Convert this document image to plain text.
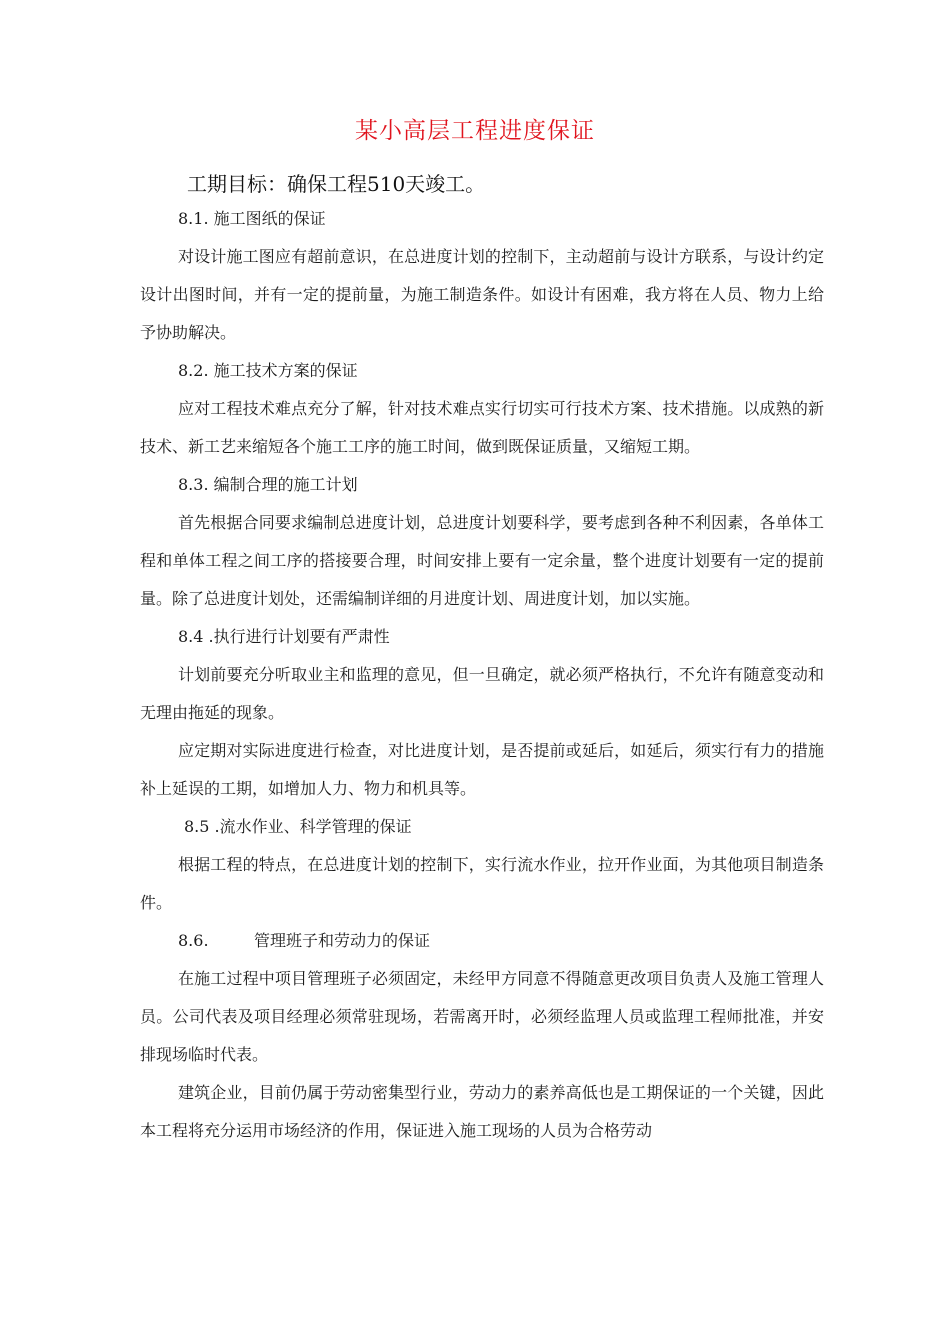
某小高层工程进度保证
工期目标：确保工程510天竣工。

8.1. 施工图纸的保证

对设计施工图应有超前意识，在总进度计划的控制下，主动超前与设计方联系，与设计约定设计出图时间，并有一定的提前量，为施工制造条件。如设计有困难，我方将在人员、物力上给予协助解决。

8.2. 施工技术方案的保证

应对工程技术难点充分了解，针对技术难点实行切实可行技术方案、技术措施。以成熟的新技术、新工艺来缩短各个施工工序的施工时间，做到既保证质量，又缩短工期。

8.3. 编制合理的施工计划

首先根据合同要求编制总进度计划，总进度计划要科学，要考虑到各种不利因素，各单体工程和单体工程之间工序的搭接要合理，时间安排上要有一定余量，整个进度计划要有一定的提前量。除了总进度计划处，还需编制详细的月进度计划、周进度计划，加以实施。

8.4 .执行进行计划要有严肃性

计划前要充分听取业主和监理的意见，但一旦确定，就必须严格执行，不允许有随意变动和无理由拖延的现象。

应定期对实际进度进行检查，对比进度计划，是否提前或延后，如延后，须实行有力的措施补上延误的工期，如增加人力、物力和机具等。

8.5 .流水作业、科学管理的保证

根据工程的特点，在总进度计划的控制下，实行流水作业，拉开作业面，为其他项目制造条件。

8.6.	管理班子和劳动力的保证

在施工过程中项目管理班子必须固定，未经甲方同意不得随意更改项目负责人及施工管理人员。公司代表及项目经理必须常驻现场，若需离开时，必须经监理人员或监理工程师批准，并安排现场临时代表。

建筑企业，目前仍属于劳动密集型行业，劳动力的素养高低也是工期保证的一个关键，因此本工程将充分运用市场经济的作用，保证进入施工现场的人员为合格劳动
